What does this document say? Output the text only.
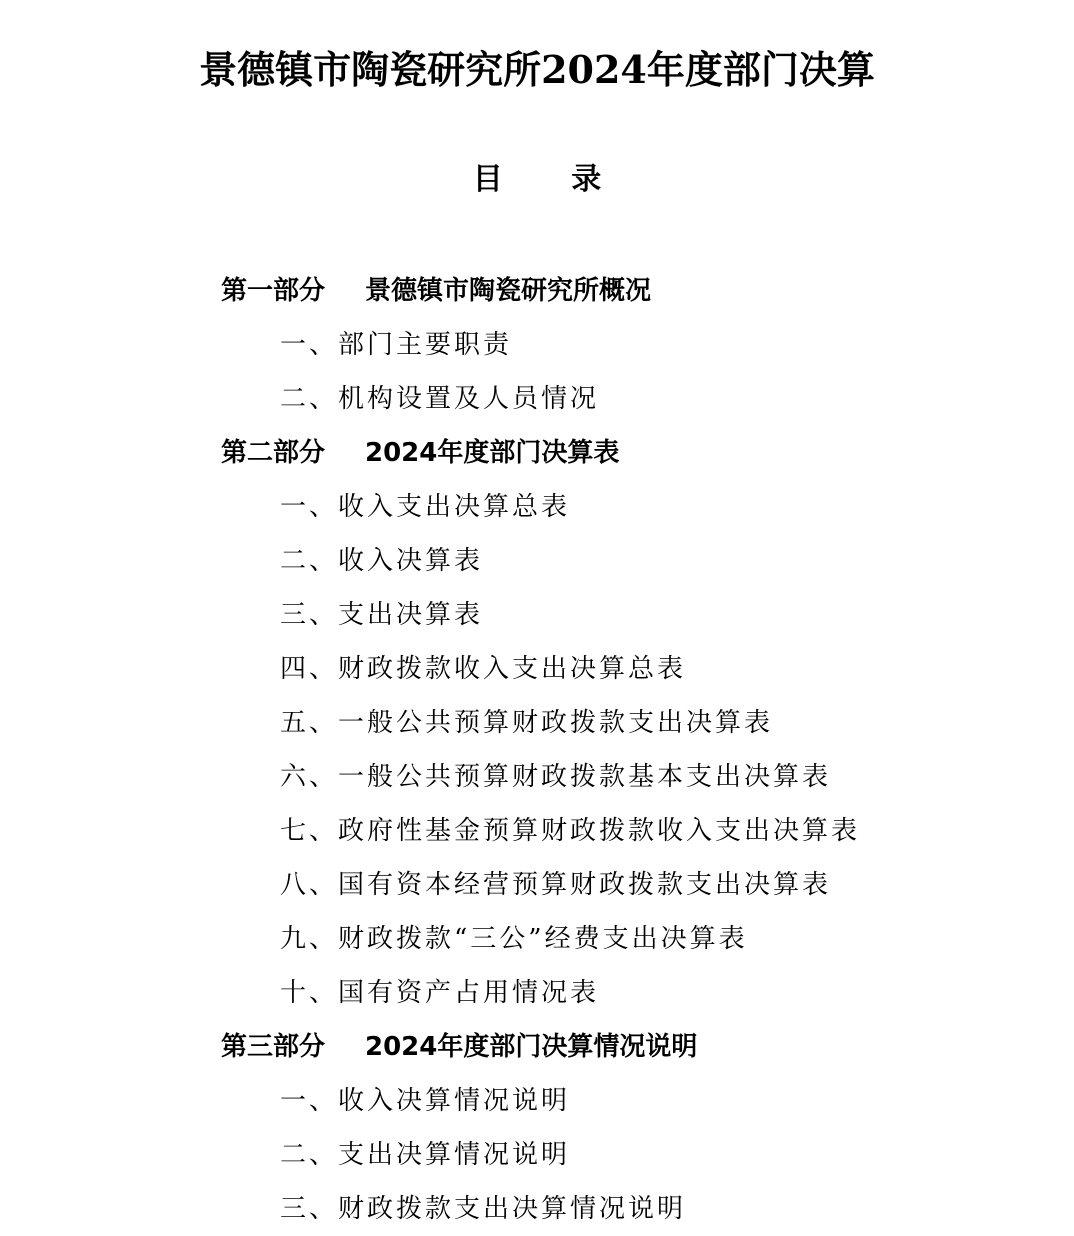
景德镇市陶瓷研究所2024年度部门决算
目 录
第一部分 景德镇市陶瓷研究所概况
一、部门主要职责
二、机构设置及人员情况
第二部分 2024年度部门决算表
一、收入支出决算总表
二、收入决算表
三、支出决算表
四、财政拨款收入支出决算总表
五、一般公共预算财政拨款支出决算表
六、一般公共预算财政拨款基本支出决算表
七、政府性基金预算财政拨款收入支出决算表
八、国有资本经营预算财政拨款支出决算表
九、财政拨款“三公”经费支出决算表
十、国有资产占用情况表
第三部分 2024年度部门决算情况说明
一、收入决算情况说明
二、支出决算情况说明
三、财政拨款支出决算情况说明
